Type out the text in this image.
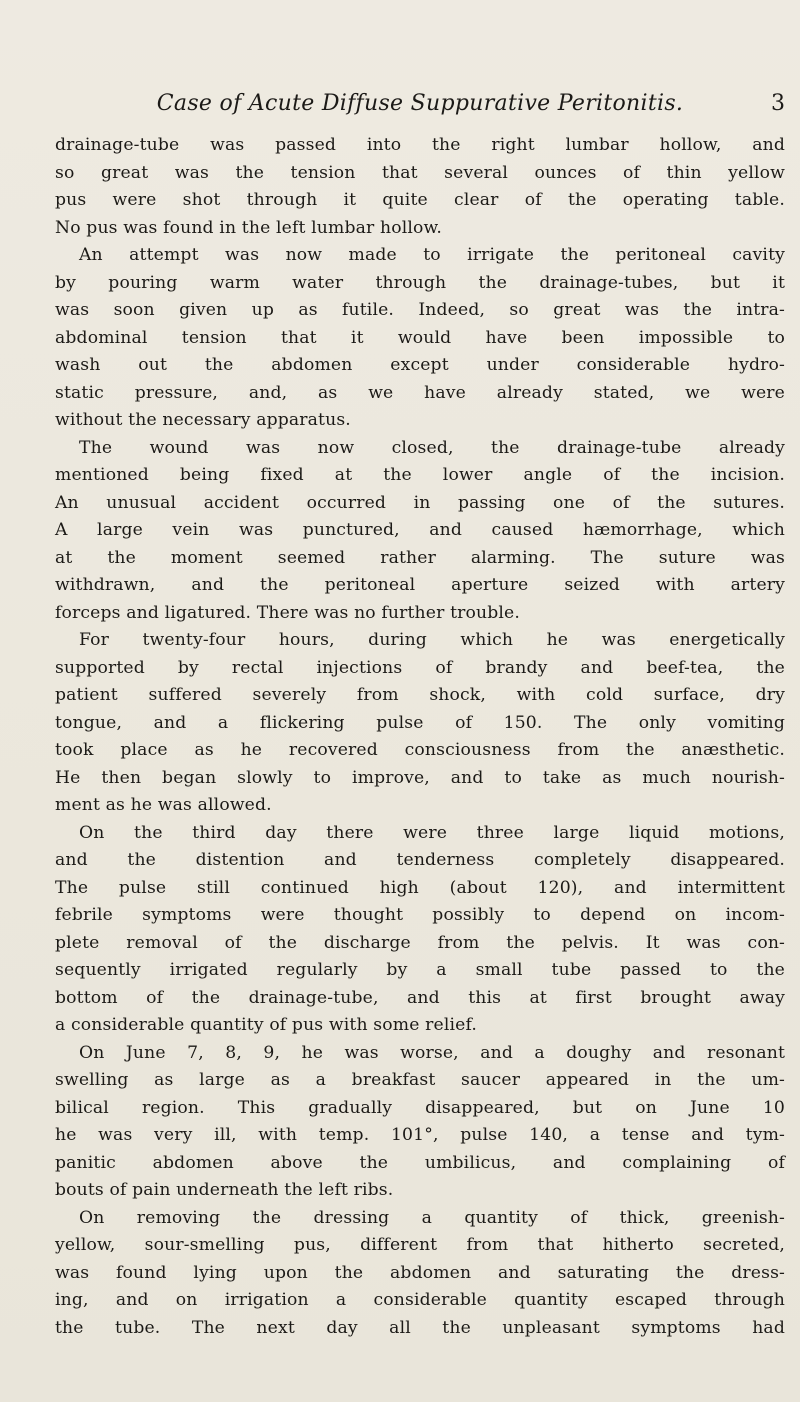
Case of Acute Diffuse Suppurative Peritonitis.	3
drainage-tube was passed into the right lumbar hollow, and
so great was the tension that several ounces of thin yellow
pus were shot through it quite clear of the operating table.
No pus was found in the left lumbar hollow.
An attempt was now made to irrigate the peritoneal cavity
by pouring warm water through the drainage-tubes, but it
was soon given up as futile. Indeed, so great was the intra-
abdominal tension that it would have been impossible to
wash out the abdomen except under considerable hydro-
static pressure, and, as we have already stated, we were
without the necessary apparatus.
The wound was now closed, the drainage-tube already
mentioned being fixed at the lower angle of the incision.
An unusual accident occurred in passing one of the sutures.
A large vein was punctured, and caused hæmorrhage, which
at the moment seemed rather alarming. The suture was
withdrawn, and the peritoneal aperture seized with artery
forceps and ligatured. There was no further trouble.
For twenty-four hours, during which he was energetically
supported by rectal injections of brandy and beef-tea, the
patient suffered severely from shock, with cold surface, dry
tongue, and a flickering pulse of 150. The only vomiting
took place as he recovered consciousness from the anæsthetic.
He then began slowly to improve, and to take as much nourish-
ment as he was allowed.
On the third day there were three large liquid motions,
and the distention and tenderness completely disappeared.
The pulse still continued high (about 120), and intermittent
febrile symptoms were thought possibly to depend on incom-
plete removal of the discharge from the pelvis. It was con-
sequently irrigated regularly by a small tube passed to the
bottom of the drainage-tube, and this at first brought away
a considerable quantity of pus with some relief.
On June 7, 8, 9, he was worse, and a doughy and resonant
swelling as large as a breakfast saucer appeared in the um-
bilical region. This gradually disappeared, but on June 10
he was very ill, with temp. 101°, pulse 140, a tense and tym-
panitic abdomen above the umbilicus, and complaining of
bouts of pain underneath the left ribs.
On removing the dressing a quantity of thick, greenish-
yellow, sour-smelling pus, different from that hitherto secreted,
was found lying upon the abdomen and saturating the dress-
ing, and on irrigation a considerable quantity escaped through
the tube. The next day all the unpleasant symptoms had
